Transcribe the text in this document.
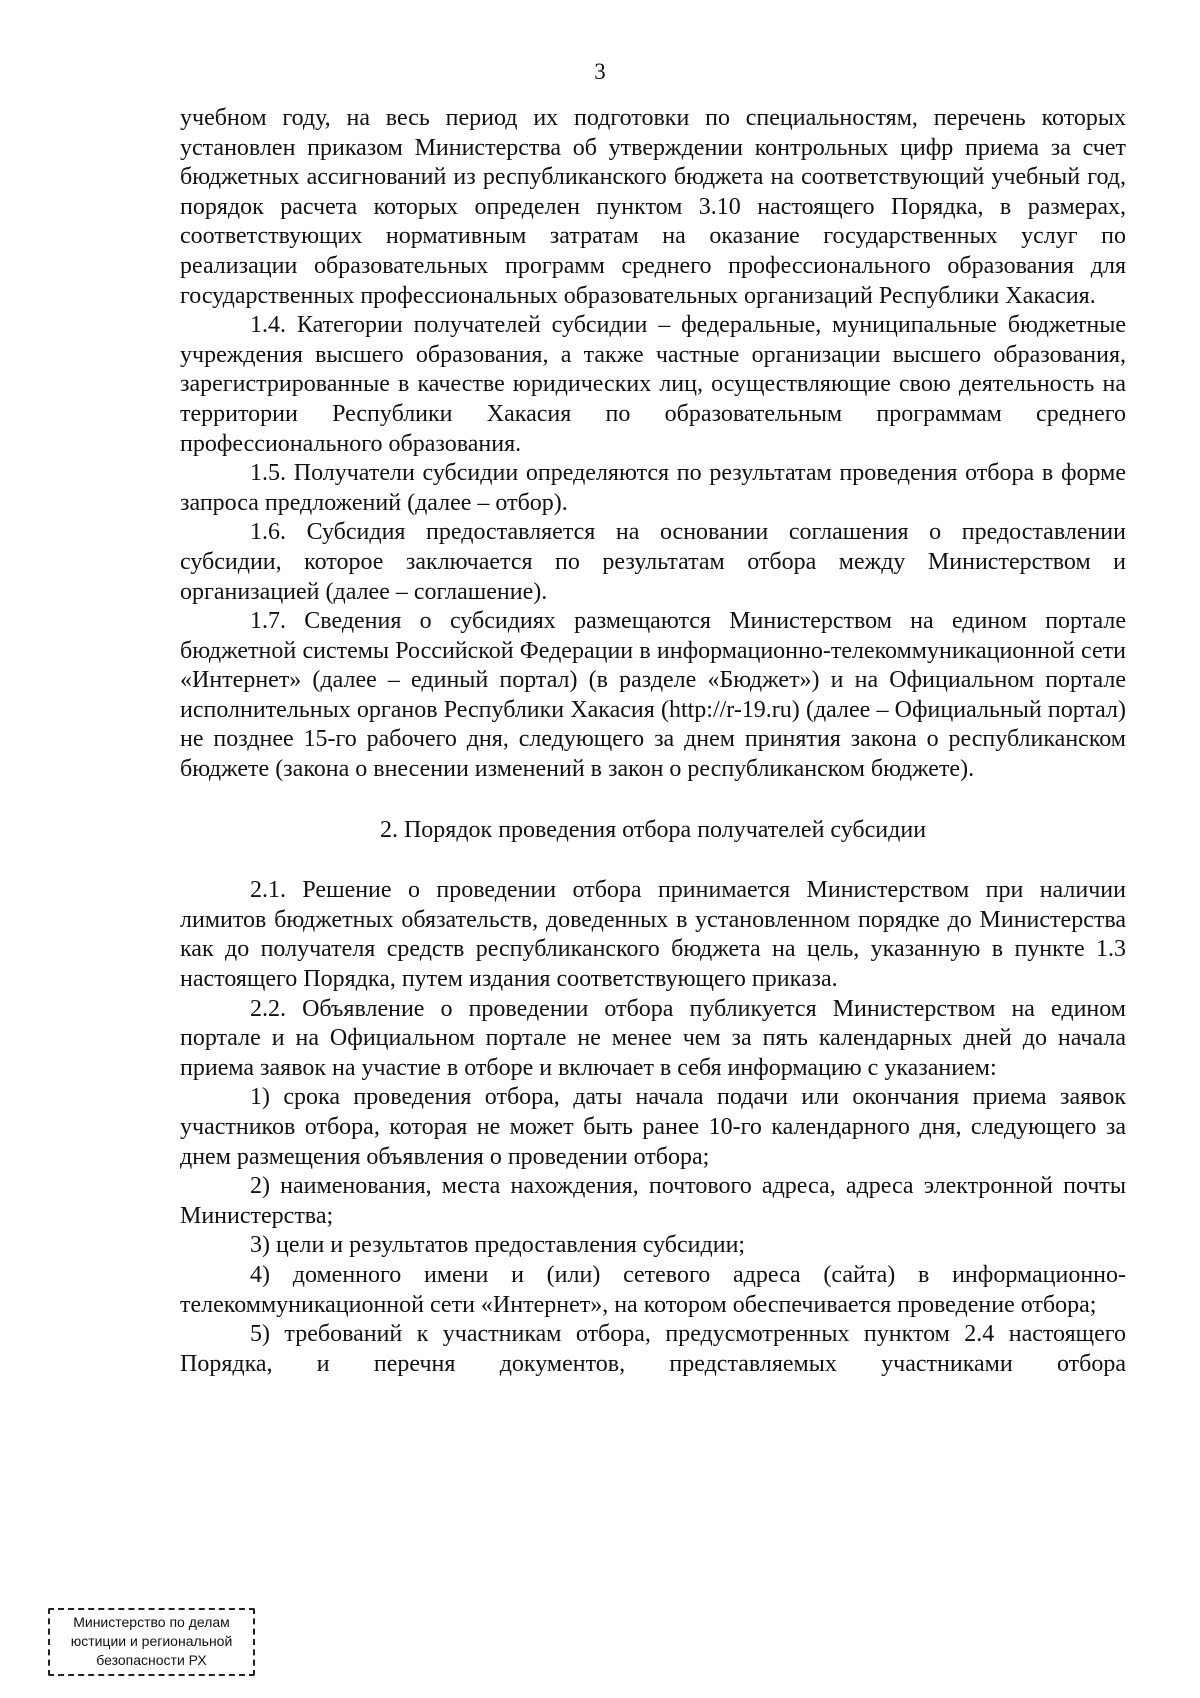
3

учебном году, на весь период их подготовки по специальностям, перечень которых установлен приказом Министерства об утверждении контрольных цифр приема за счет бюджетных ассигнований из республиканского бюджета на соответствующий учебный год, порядок расчета которых определен пунктом 3.10 настоящего Порядка, в размерах, соответствующих нормативным затратам на оказание государственных услуг по реализации образовательных программ среднего профессионального образования для государственных профессиональных образовательных организаций Республики Хакасия.

1.4. Категории получателей субсидии – федеральные, муниципальные бюджетные учреждения высшего образования, а также частные организации высшего образования, зарегистрированные в качестве юридических лиц, осуществляющие свою деятельность на территории Республики Хакасия по образовательным программам среднего профессионального образования.

1.5. Получатели субсидии определяются по результатам проведения отбора в форме запроса предложений (далее – отбор).

1.6. Субсидия предоставляется на основании соглашения о предоставлении субсидии, которое заключается по результатам отбора между Министерством и организацией (далее – соглашение).

1.7. Сведения о субсидиях размещаются Министерством на едином портале бюджетной системы Российской Федерации в информационно-телекоммуникационной сети «Интернет» (далее – единый портал) (в разделе «Бюджет») и на Официальном портале исполнительных органов Республики Хакасия (http://r-19.ru) (далее – Официальный портал) не позднее 15-го рабочего дня, следующего за днем принятия закона о республиканском бюджете (закона о внесении изменений в закон о республиканском бюджете).

2. Порядок проведения отбора получателей субсидии

2.1. Решение о проведении отбора принимается Министерством при наличии лимитов бюджетных обязательств, доведенных в установленном порядке до Министерства как до получателя средств республиканского бюджета на цель, указанную в пункте 1.3 настоящего Порядка, путем издания соответствующего приказа.

2.2. Объявление о проведении отбора публикуется Министерством на едином портале и на Официальном портале не менее чем за пять календарных дней до начала приема заявок на участие в отборе и включает в себя информацию с указанием:

1) срока проведения отбора, даты начала подачи или окончания приема заявок участников отбора, которая не может быть ранее 10-го календарного дня, следующего за днем размещения объявления о проведении отбора;

2) наименования, места нахождения, почтового адреса, адреса электронной почты Министерства;

3) цели и результатов предоставления субсидии;

4) доменного имени и (или) сетевого адреса (сайта) в информационно-телекоммуникационной сети «Интернет», на котором обеспечивается проведение отбора;

5) требований к участникам отбора, предусмотренных пунктом 2.4 настоящего Порядка, и перечня документов, представляемых участниками отбора

Министерство по делам
юстиции и региональной
безопасности РХ
